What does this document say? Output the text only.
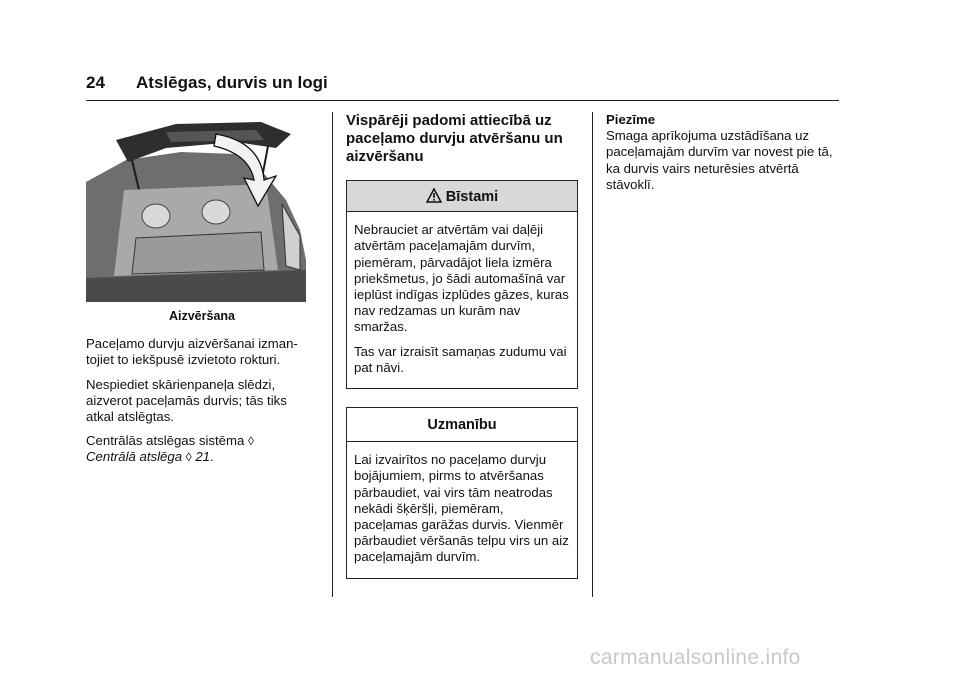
24 Atslēgas, durvis un logi
Aizvēršana

Paceļamo durvju aizvēršanai izman- tojiet to iekšpusē izvietoto rokturi.

Nespiediet skārienpaneļa slēdzi, aizverot paceļamās durvis; tās tiks atkal atslēgtas.

Centrālās atslēgas sistēma ◊
Centrālā atslēga ◊ 21.

Vispārēji padomi attiecībā uz paceļamo durvju atvēršanu un aizvēršanu
Bīstami

Nebrauciet ar atvērtām vai daļēji atvērtām paceļamajām durvīm, piemēram, pārvadājot liela izmēra priekšmetus, jo šādi automašīnā var ieplūst indīgas izplūdes gāzes, kuras nav redzamas un kurām nav smaržas.

Tas var izraisīt samaņas zudumu vai pat nāvi.

Uzmanību

Lai izvairītos no paceļamo durvju bojājumiem, pirms to atvēršanas pārbaudiet, vai virs tām neatrodas nekādi šķēršļi, piemēram, paceļamas garāžas durvis. Vienmēr pārbaudiet vēršanās telpu virs un aiz paceļamajām durvīm.

Piezīme

Smaga aprīkojuma uzstādīšana uz paceļamajām durvīm var novest pie tā, ka durvis vairs neturēsies atvērtā stāvoklī.

carmanualsonline.info
